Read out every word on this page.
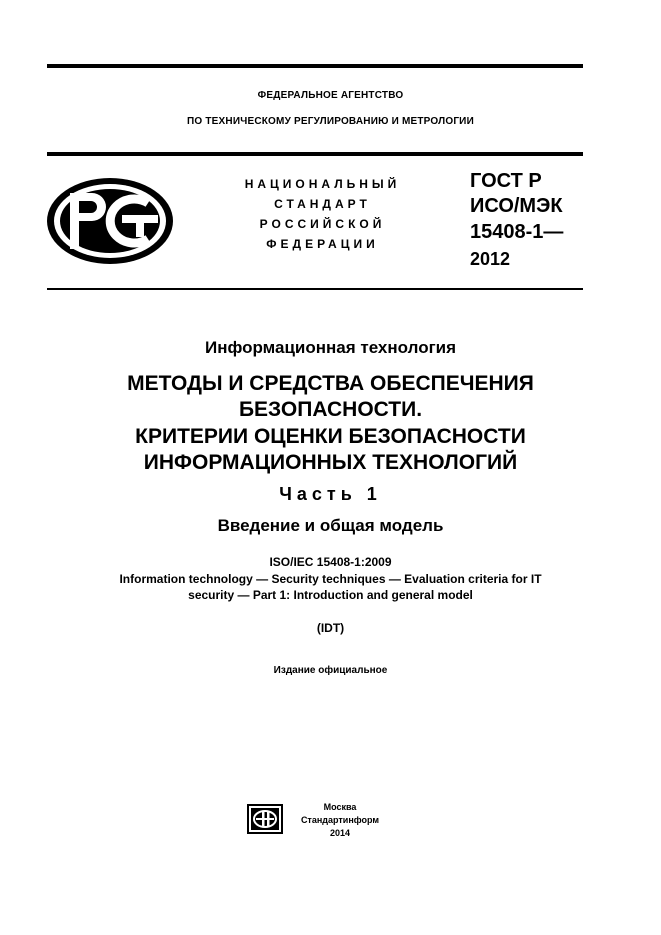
ФЕДЕРАЛЬНОЕ АГЕНТСТВО
ПО ТЕХНИЧЕСКОМУ РЕГУЛИРОВАНИЮ И МЕТРОЛОГИИ
НАЦИОНАЛЬНЫЙ
СТАНДАРТ
РОССИЙСКОЙ
ФЕДЕРАЦИИ
ГОСТ Р
ИСО/МЭК
15408-1—
2012
Информационная технология
МЕТОДЫ И СРЕДСТВА ОБЕСПЕЧЕНИЯ
БЕЗОПАСНОСТИ.
КРИТЕРИИ ОЦЕНКИ БЕЗОПАСНОСТИ
ИНФОРМАЦИОННЫХ ТЕХНОЛОГИЙ
Часть 1
Введение и общая модель
ISO/IEC 15408-1:2009
Information technology — Security techniques — Evaluation criteria for IT
security — Part 1: Introduction and general model
(IDT)
Издание официальное
Москва
Стандартинформ
2014
